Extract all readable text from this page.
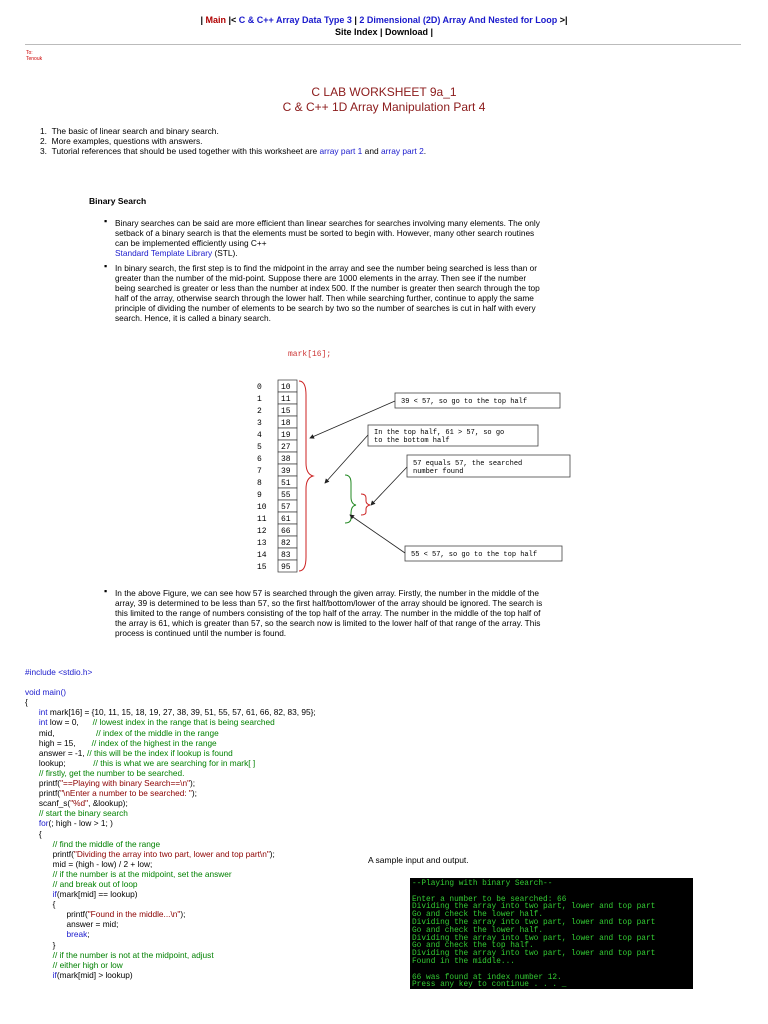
| Main |< C & C++ Array Data Type 3 | 2 Dimensional (2D) Array And Nested for Loop >|
Site Index | Download |
To:
Tenouk
C LAB WORKSHEET 9a_1
C & C++ 1D Array Manipulation Part 4
1. The basic of linear search and binary search.
2. More examples, questions with answers.
3. Tutorial references that should be used together with this worksheet are array part 1 and array part 2.
Binary Search
▪ Binary searches can be said are more efficient than linear searches for searches involving many elements. The only setback of a binary search is that the elements must be sorted to begin with. However, many other search routines can be implemented efficiently using C++
Standard Template Library (STL).
▪ In binary search, the first step is to find the midpoint in the array and see the number being searched is less than or greater than the number of the mid-point. Suppose there are 1000 elements in the array. Then see if the number being searched is greater or less than the number at index 500. If the number is greater then search through the top half of the array, otherwise search through the lower half. Then while searching further, continue to apply the same principle of dividing the number of elements to be search by two so the number of searches is cut in half with every search. Hence, it is called a binary search.
mark[16];
0 10
1 11
2 15
3 18
4 19
5 27
6 38
7 39
8 51
9 55
10 57
11 61
12 66
13 82
14 83
15 95
39 < 57, so go to the top half
In the top half, 61 > 57, so go
to the bottom half
57 equals 57, the searched
number found
55 < 57, so go to the top half
▪ In the above Figure, we can see how 57 is searched through the given array. Firstly, the number in the middle of the array, 39 is determined to be less than 57, so the first half/bottom/lower of the array should be ignored. The search is this limited to the range of numbers consisting of the top half of the array. The number in the middle of the top half of the array is 61, which is greater than 57, so the search now is limited to the lower half of that range of the array. This process is continued until the number is found.
#include <stdio.h>

void main()
{
int mark[16] = {10, 11, 15, 18, 19, 27, 38, 39, 51, 55, 57, 61, 66, 82, 83, 95};
int low = 0, // lowest index in the range that is being searched
mid,	// index of the middle in the range
high = 15, // index of the highest in the range
answer = -1, // this will be the index if lookup is found
lookup;	// this is what we are searching for in mark[ ]
// firstly, get the number to be searched.
printf("==Playing with binary Search==\n");
printf("\nEnter a number to be searched: ");
scanf_s("%d", &lookup);
// start the binary search
for(; high - low > 1; )
{
// find the middle of the range
printf("Dividing the array into two part, lower and top part\n");
mid = (high - low) / 2 + low;
// if the number is at the midpoint, set the answer
// and break out of loop
if(mark[mid] == lookup)
{
printf("Found in the middle...\n");
answer = mid;
break;
}
// if the number is not at the midpoint, adjust
// either high or low
if(mark[mid] > lookup)
A sample input and output.
--Playing with binary Search--

Enter a number to be searched: 66
Dividing the array into two part, lower and top part
Go and check the lower half.
Dividing the array into two part, lower and top part
Go and check the lower half.
Dividing the array into two part, lower and top part
Go and check the top half.
Dividing the array into two part, lower and top part
Found in the middle...

66 was found at index number 12.
Press any key to continue . . . _
